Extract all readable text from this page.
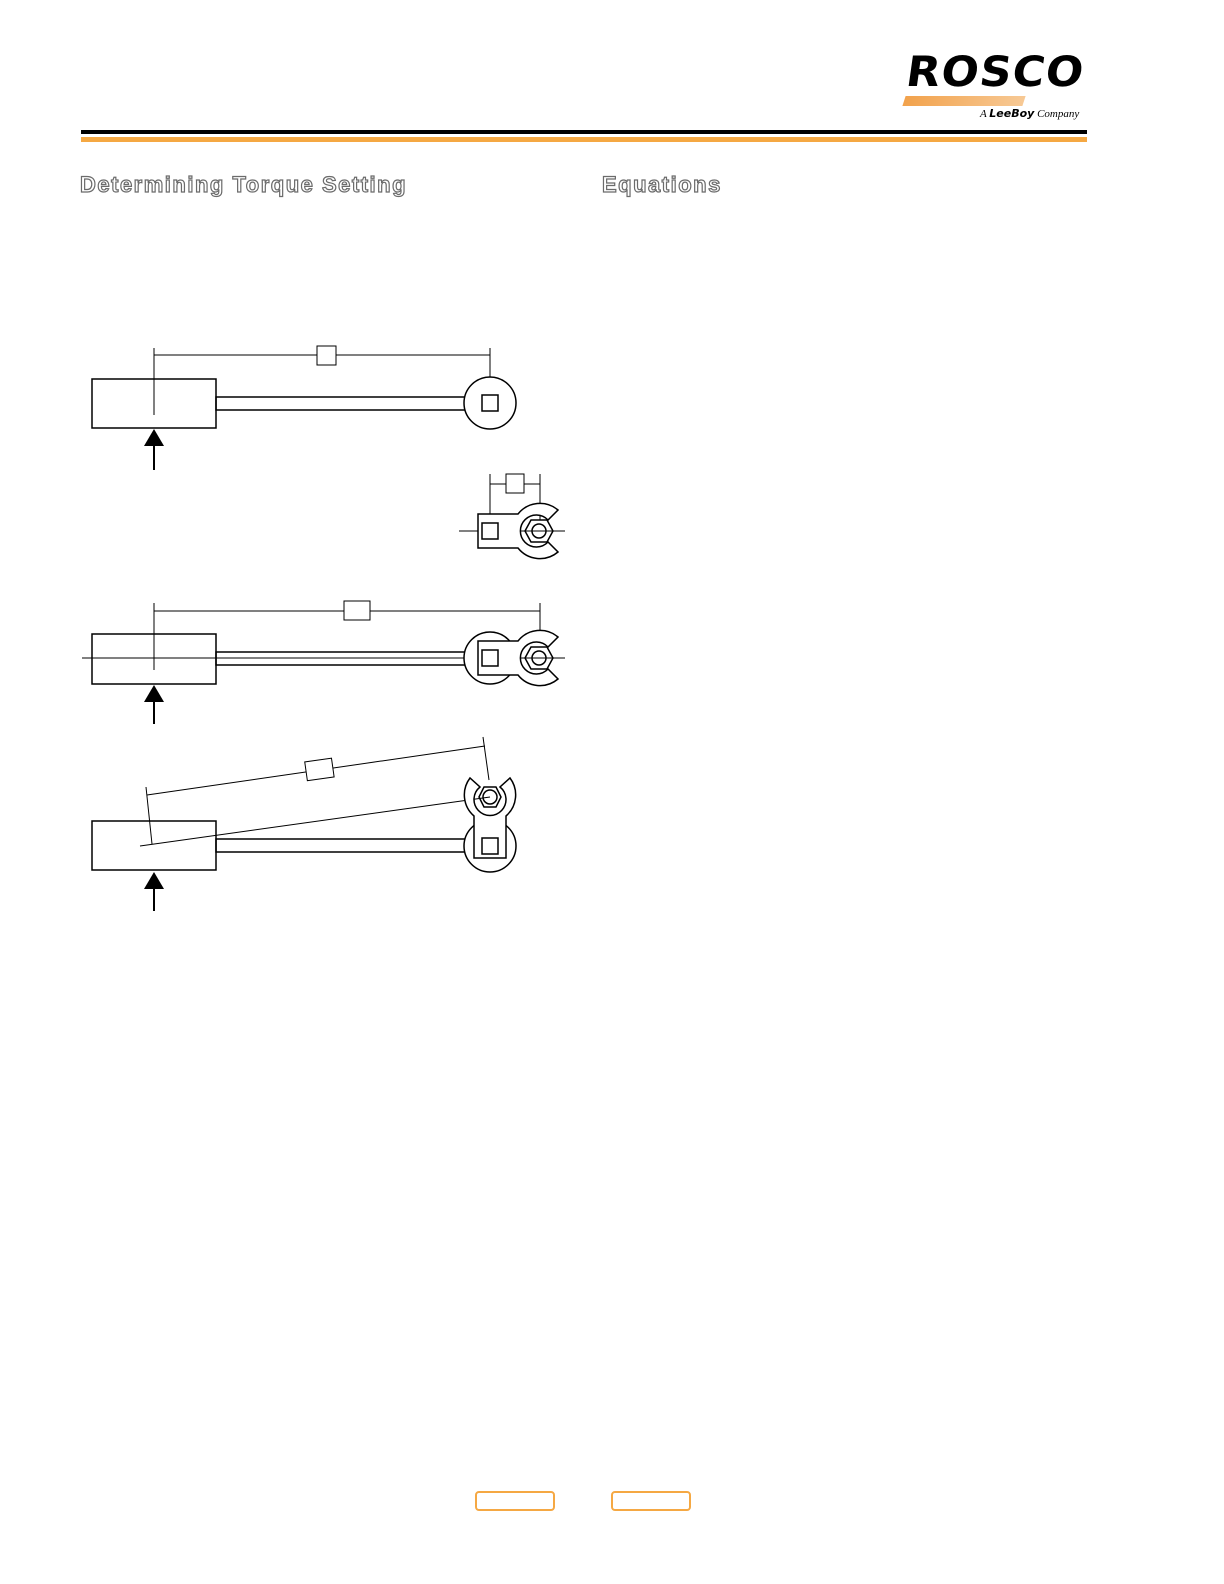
ROSCO
A LeeBoy Company
Determining Torque Setting	Equations
